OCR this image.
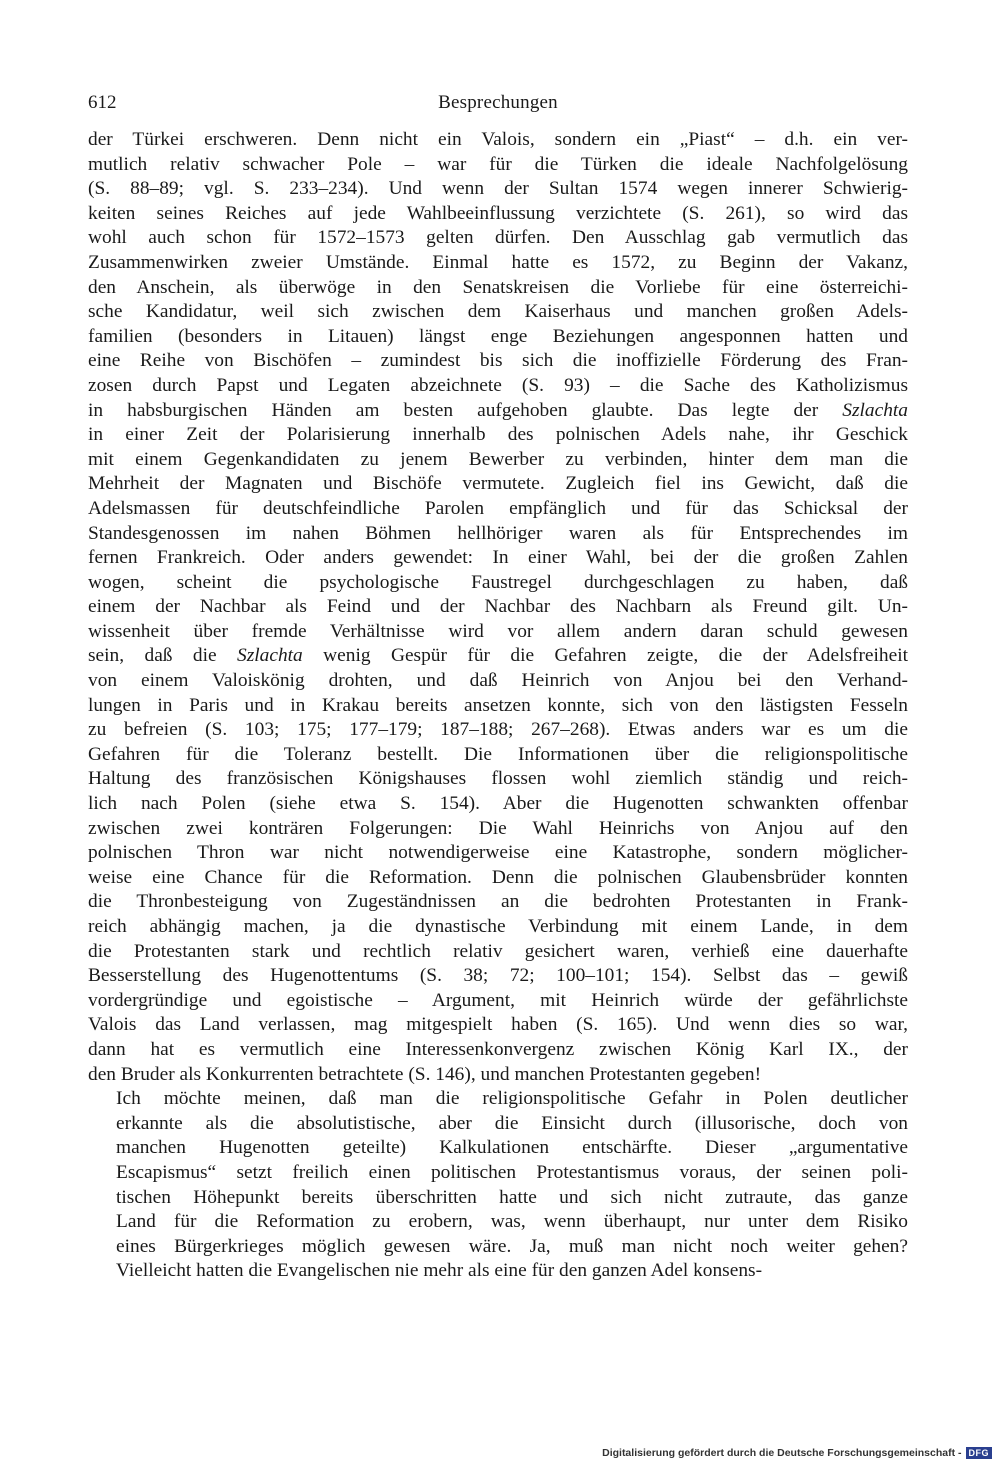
612	Besprechungen

der Türkei erschweren. Denn nicht ein Valois, sondern ein „Piast“ – d.h. ein ver-
mutlich relativ schwacher Pole – war für die Türken die ideale Nachfolgelösung
(S. 88–89; vgl. S. 233–234). Und wenn der Sultan 1574 wegen innerer Schwierig-
keiten seines Reiches auf jede Wahlbeeinflussung verzichtete (S. 261), so wird das
wohl auch schon für 1572–1573 gelten dürfen. Den Ausschlag gab vermutlich das
Zusammenwirken zweier Umstände. Einmal hatte es 1572, zu Beginn der Vakanz,
den Anschein, als überwöge in den Senatskreisen die Vorliebe für eine österreichi-
sche Kandidatur, weil sich zwischen dem Kaiserhaus und manchen großen Adels-
familien (besonders in Litauen) längst enge Beziehungen angesponnen hatten und
eine Reihe von Bischöfen – zumindest bis sich die inoffizielle Förderung des Fran-
zosen durch Papst und Legaten abzeichnete (S. 93) – die Sache des Katholizismus
in habsburgischen Händen am besten aufgehoben glaubte. Das legte der Szlachta
in einer Zeit der Polarisierung innerhalb des polnischen Adels nahe, ihr Geschick
mit einem Gegenkandidaten zu jenem Bewerber zu verbinden, hinter dem man die
Mehrheit der Magnaten und Bischöfe vermutete. Zugleich fiel ins Gewicht, daß die
Adelsmassen für deutschfeindliche Parolen empfänglich und für das Schicksal der
Standesgenossen im nahen Böhmen hellhöriger waren als für Entsprechendes im
fernen Frankreich. Oder anders gewendet: In einer Wahl, bei der die großen Zahlen
wogen, scheint die psychologische Faustregel durchgeschlagen zu haben, daß
einem der Nachbar als Feind und der Nachbar des Nachbarn als Freund gilt. Un-
wissenheit über fremde Verhältnisse wird vor allem andern daran schuld gewesen
sein, daß die Szlachta wenig Gespür für die Gefahren zeigte, die der Adelsfreiheit
von einem Valoiskönig drohten, und daß Heinrich von Anjou bei den Verhand-
lungen in Paris und in Krakau bereits ansetzen konnte, sich von den lästigsten Fesseln
zu befreien (S. 103; 175; 177–179; 187–188; 267–268). Etwas anders war es um die
Gefahren für die Toleranz bestellt. Die Informationen über die religionspolitische
Haltung des französischen Königshauses flossen wohl ziemlich ständig und reich-
lich nach Polen (siehe etwa S. 154). Aber die Hugenotten schwankten offenbar
zwischen zwei konträren Folgerungen: Die Wahl Heinrichs von Anjou auf den
polnischen Thron war nicht notwendigerweise eine Katastrophe, sondern möglicher-
weise eine Chance für die Reformation. Denn die polnischen Glaubensbrüder konnten
die Thronbesteigung von Zugeständnissen an die bedrohten Protestanten in Frank-
reich abhängig machen, ja die dynastische Verbindung mit einem Lande, in dem
die Protestanten stark und rechtlich relativ gesichert waren, verhieß eine dauerhafte
Besserstellung des Hugenottentums (S. 38; 72; 100–101; 154). Selbst das – gewiß
vordergründige und egoistische – Argument, mit Heinrich würde der gefährlichste
Valois das Land verlassen, mag mitgespielt haben (S. 165). Und wenn dies so war,
dann hat es vermutlich eine Interessenkonvergenz zwischen König Karl IX., der
den Bruder als Konkurrenten betrachtete (S. 146), und manchen Protestanten gegeben!

Ich möchte meinen, daß man die religionspolitische Gefahr in Polen deutlicher
erkannte als die absolutistische, aber die Einsicht durch (illusorische, doch von
manchen Hugenotten geteilte) Kalkulationen entschärfte. Dieser „argumentative
Escapismus“ setzt freilich einen politischen Protestantismus voraus, der seinen poli-
tischen Höhepunkt bereits überschritten hatte und sich nicht zutraute, das ganze
Land für die Reformation zu erobern, was, wenn überhaupt, nur unter dem Risiko
eines Bürgerkrieges möglich gewesen wäre. Ja, muß man nicht noch weiter gehen?
Vielleicht hatten die Evangelischen nie mehr als eine für den ganzen Adel konsens-

Digitalisierung gefördert durch die Deutsche Forschungsgemeinschaft - DFG
